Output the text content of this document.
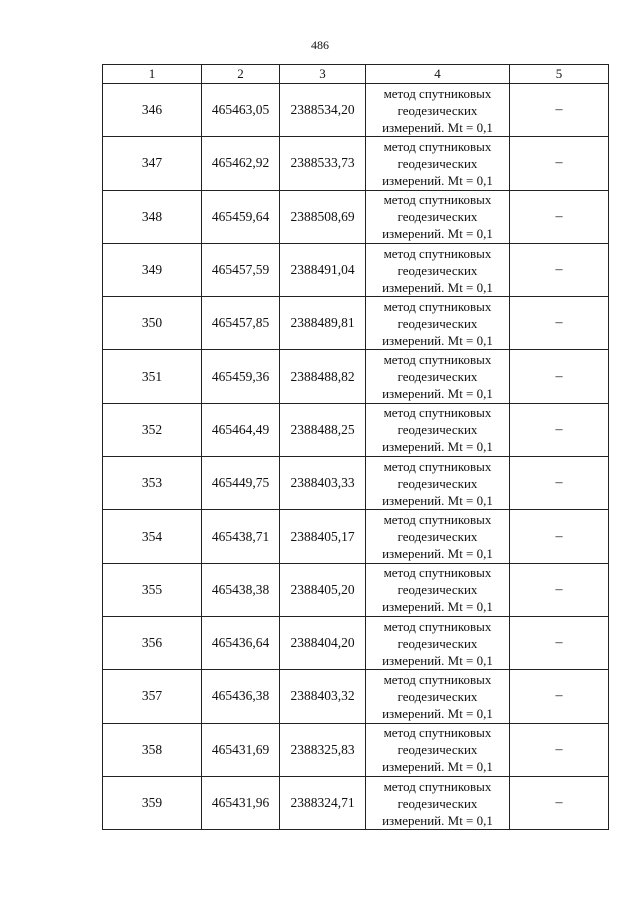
486
1	2	3	4	5
346	465463,05	2388534,20	метод спутниковых
геодезических
измерений. Mt = 0,1	–
347	465462,92	2388533,73	метод спутниковых
геодезических
измерений. Mt = 0,1	–
348	465459,64	2388508,69	метод спутниковых
геодезических
измерений. Mt = 0,1	–
349	465457,59	2388491,04	метод спутниковых
геодезических
измерений. Mt = 0,1	–
350	465457,85	2388489,81	метод спутниковых
геодезических
измерений. Mt = 0,1	–
351	465459,36	2388488,82	метод спутниковых
геодезических
измерений. Mt = 0,1	–
352	465464,49	2388488,25	метод спутниковых
геодезических
измерений. Mt = 0,1	–
353	465449,75	2388403,33	метод спутниковых
геодезических
измерений. Mt = 0,1	–
354	465438,71	2388405,17	метод спутниковых
геодезических
измерений. Mt = 0,1	–
355	465438,38	2388405,20	метод спутниковых
геодезических
измерений. Mt = 0,1	–
356	465436,64	2388404,20	метод спутниковых
геодезических
измерений. Mt = 0,1	–
357	465436,38	2388403,32	метод спутниковых
геодезических
измерений. Mt = 0,1	–
358	465431,69	2388325,83	метод спутниковых
геодезических
измерений. Mt = 0,1	–
359	465431,96	2388324,71	метод спутниковых
геодезических
измерений. Mt = 0,1	–
